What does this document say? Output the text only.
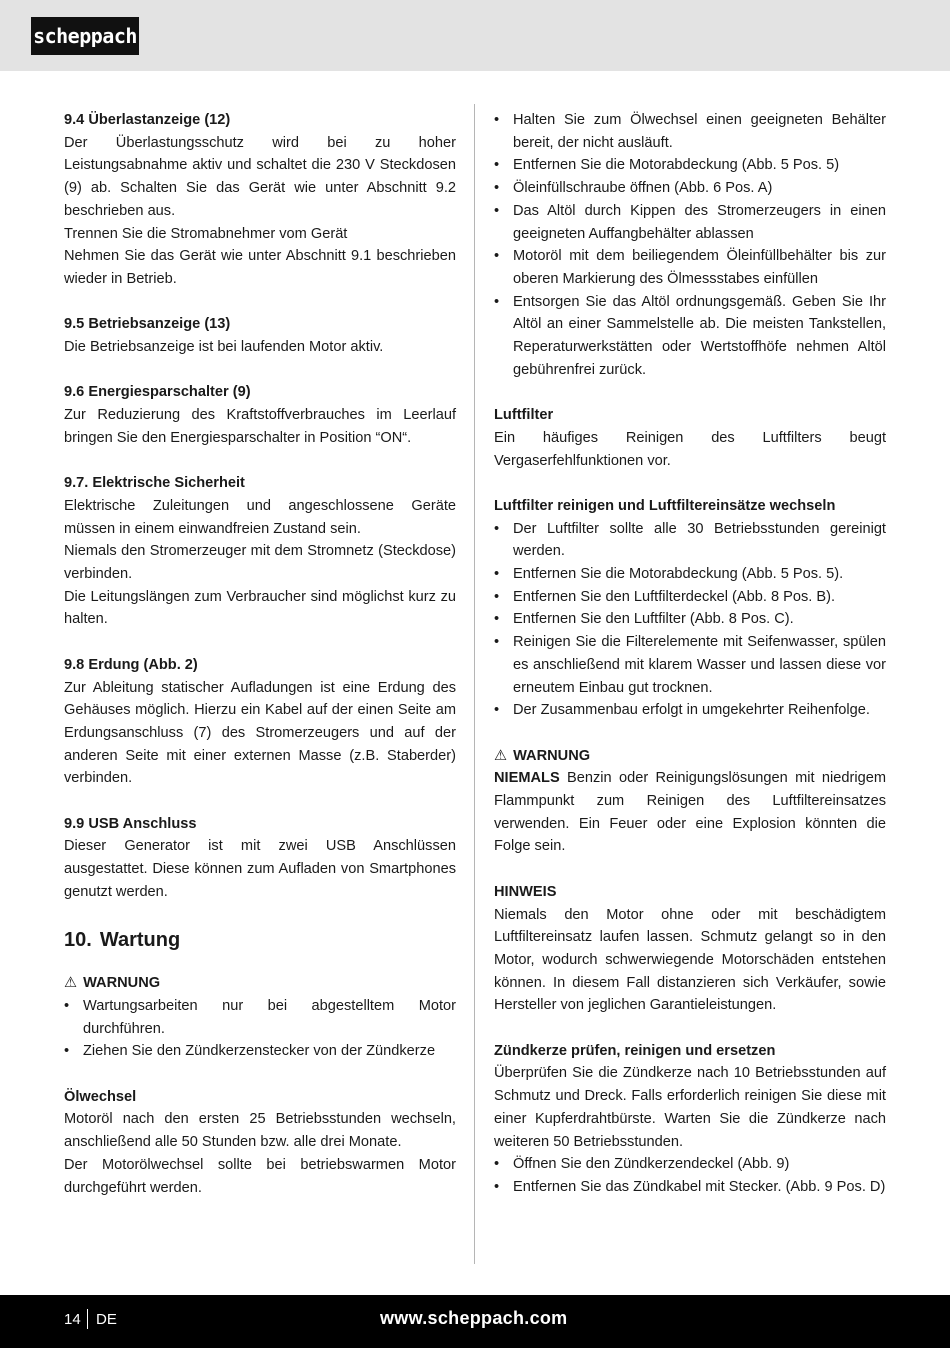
scheppach
9.4 Überlastanzeige (12)
Der Überlastungsschutz wird bei zu hoher Leistungsabnahme aktiv und schaltet die 230 V Steckdosen (9) ab. Schalten Sie das Gerät wie unter Abschnitt 9.2 beschrieben aus.
Trennen Sie die Stromabnehmer vom Gerät
Nehmen Sie das Gerät wie unter Abschnitt 9.1 beschrieben wieder in Betrieb.
9.5 Betriebsanzeige (13)
Die Betriebsanzeige ist bei laufenden Motor aktiv.
9.6 Energiesparschalter (9)
Zur Reduzierung des Kraftstoffverbrauches im Leerlauf bringen Sie den Energiesparschalter in Position “ON“.
9.7. Elektrische Sicherheit
Elektrische Zuleitungen und angeschlossene Geräte müssen in einem einwandfreien Zustand sein.
Niemals den Stromerzeuger mit dem Stromnetz (Steckdose) verbinden.
Die Leitungslängen zum Verbraucher sind möglichst kurz zu halten.
9.8 Erdung (Abb. 2)
Zur Ableitung statischer Aufladungen ist eine Erdung des Gehäuses möglich. Hierzu ein Kabel auf der einen Seite am Erdungsanschluss (7) des Stromerzeugers und auf der anderen Seite mit einer externen Masse (z.B. Staberder) verbinden.
9.9 USB Anschluss
Dieser Generator ist mit zwei USB Anschlüssen ausgestattet. Diese können zum Aufladen von Smartphones genutzt werden.
10. Wartung
⚠ WARNUNG
• Wartungsarbeiten nur bei abgestelltem Motor durchführen.
• Ziehen Sie den Zündkerzenstecker von der Zündkerze
Ölwechsel
Motoröl nach den ersten 25 Betriebsstunden wechseln, anschließend alle 50 Stunden bzw. alle drei Monate.
Der Motorölwechsel sollte bei betriebswarmen Motor durchgeführt werden.
• Halten Sie zum Ölwechsel einen geeigneten Behälter bereit, der nicht ausläuft.
• Entfernen Sie die Motorabdeckung (Abb. 5 Pos. 5)
• Öleinfüllschraube öffnen (Abb. 6 Pos. A)
• Das Altöl durch Kippen des Stromerzeugers in einen geeigneten Auffangbehälter ablassen
• Motoröl mit dem beiliegendem Öleinfüllbehälter bis zur oberen Markierung des Ölmessstabes einfüllen
• Entsorgen Sie das Altöl ordnungsgemäß. Geben Sie Ihr Altöl an einer Sammelstelle ab. Die meisten Tankstellen, Reperaturwerkstätten oder Wertstoffhöfe nehmen Altöl gebührenfrei zurück.
Luftfilter
Ein häufiges Reinigen des Luftfilters beugt Vergaserfehlfunktionen vor.
Luftfilter reinigen und Luftfiltereinsätze wechseln
• Der Luftfilter sollte alle 30 Betriebsstunden gereinigt werden.
• Entfernen Sie die Motorabdeckung (Abb. 5 Pos. 5).
• Entfernen Sie den Luftfilterdeckel (Abb. 8 Pos. B).
• Entfernen Sie den Luftfilter (Abb. 8 Pos. C).
• Reinigen Sie die Filterelemente mit Seifenwasser, spülen es anschließend mit klarem Wasser und lassen diese vor erneutem Einbau gut trocknen.
• Der Zusammenbau erfolgt in umgekehrter Reihenfolge.
⚠ WARNUNG
NIEMALS Benzin oder Reinigungslösungen mit niedrigem Flammpunkt zum Reinigen des Luftfiltereinsatzes verwenden. Ein Feuer oder eine Explosion könnten die Folge sein.
HINWEIS
Niemals den Motor ohne oder mit beschädigtem Luftfiltereinsatz laufen lassen. Schmutz gelangt so in den Motor, wodurch schwerwiegende Motorschäden entstehen können. In diesem Fall distanzieren sich Verkäufer, sowie Hersteller von jeglichen Garantieleistungen.
Zündkerze prüfen, reinigen und ersetzen
Überprüfen Sie die Zündkerze nach 10 Betriebsstunden auf Schmutz und Dreck. Falls erforderlich reinigen Sie diese mit einer Kupferdrahtbürste. Warten Sie die Zündkerze nach weiteren 50 Betriebsstunden.
• Öffnen Sie den Zündkerzendeckel (Abb. 9)
• Entfernen Sie das Zündkabel mit Stecker. (Abb. 9 Pos. D)
14 DE	www.scheppach.com
